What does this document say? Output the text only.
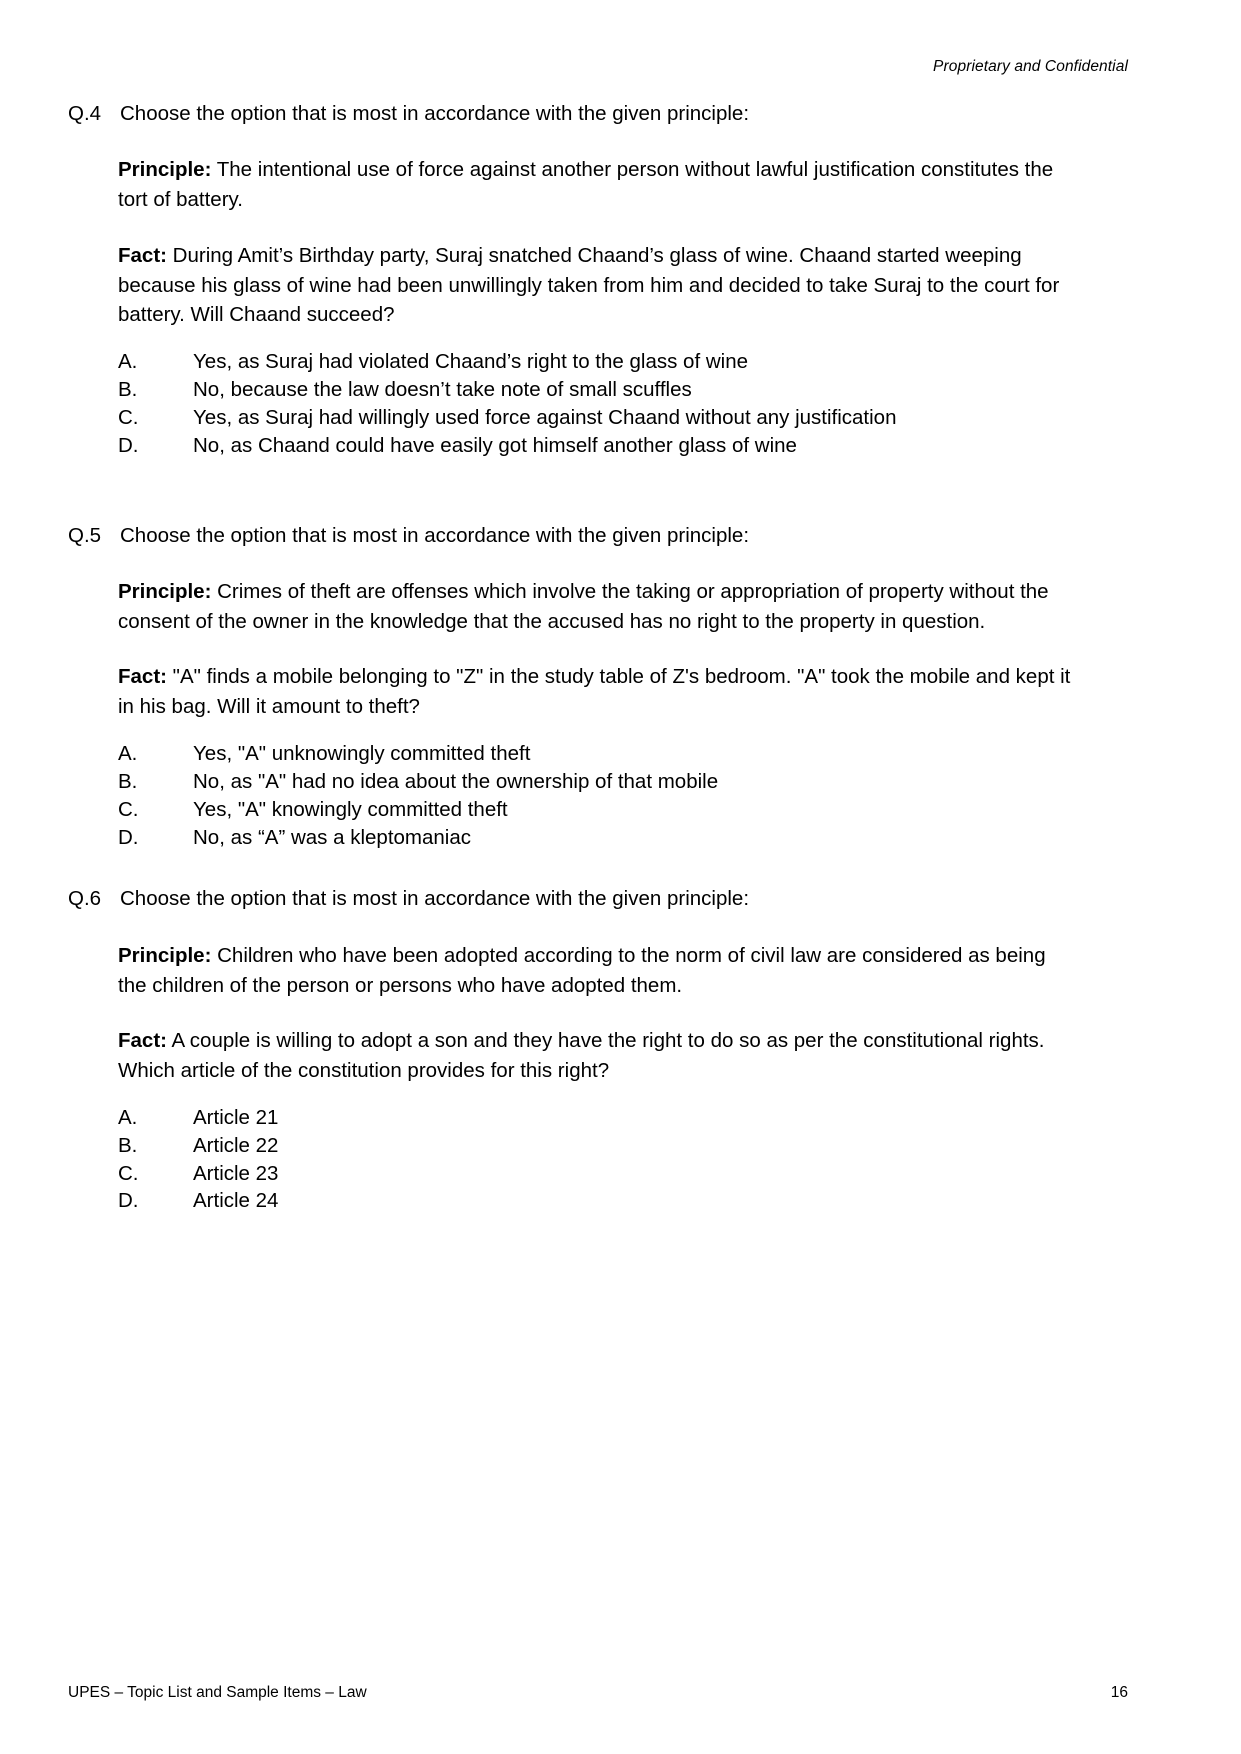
Proprietary and Confidential
Q.4 Choose the option that is most in accordance with the given principle:
Principle: The intentional use of force against another person without lawful justification constitutes the tort of battery.
Fact: During Amit’s Birthday party, Suraj snatched Chaand’s glass of wine. Chaand started weeping because his glass of wine had been unwillingly taken from him and decided to take Suraj to the court for battery. Will Chaand succeed?
A.	Yes, as Suraj had violated Chaand’s right to the glass of wine
B.	No, because the law doesn’t take note of small scuffles
C.	Yes, as Suraj had willingly used force against Chaand without any justification
D.	No, as Chaand could have easily got himself another glass of wine
Q.5 Choose the option that is most in accordance with the given principle:
Principle: Crimes of theft are offenses which involve the taking or appropriation of property without the consent of the owner in the knowledge that the accused has no right to the property in question.
Fact: "A" finds a mobile belonging to "Z" in the study table of Z's bedroom. "A" took the mobile and kept it in his bag. Will it amount to theft?
A.	Yes, "A" unknowingly committed theft
B.	No, as "A" had no idea about the ownership of that mobile
C.	Yes, "A" knowingly committed theft
D.	No, as “A” was a kleptomaniac
Q.6 Choose the option that is most in accordance with the given principle:
Principle: Children who have been adopted according to the norm of civil law are considered as being the children of the person or persons who have adopted them.
Fact: A couple is willing to adopt a son and they have the right to do so as per the constitutional rights. Which article of the constitution provides for this right?
A.	Article 21
B.	Article 22
C.	Article 23
D.	Article 24
UPES – Topic List and Sample Items – Law	16
